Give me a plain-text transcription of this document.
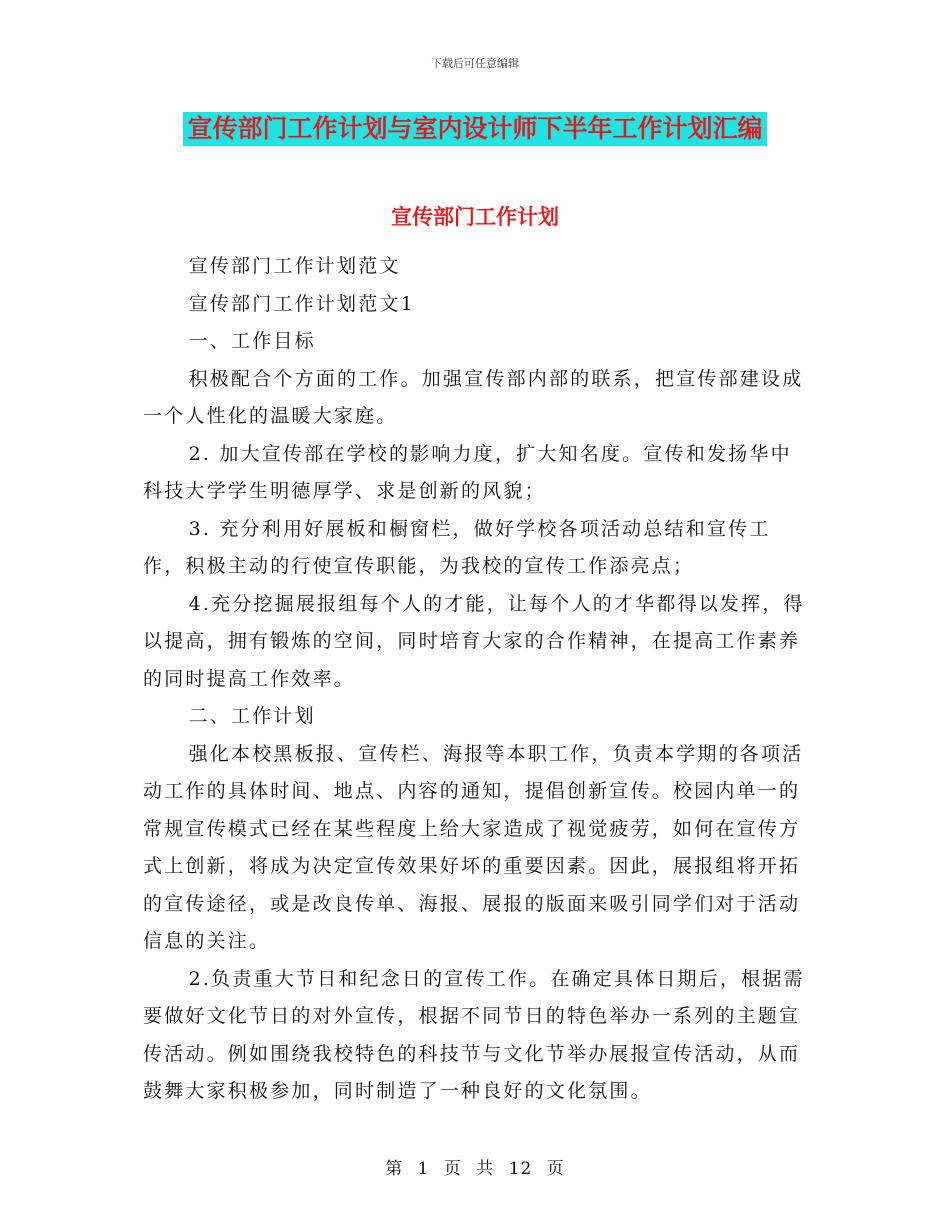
下载后可任意编辑
宣传部门工作计划与室内设计师下半年工作计划汇编
宣传部门工作计划

宣传部门工作计划范文

宣传部门工作计划范文1

一、工作目标

积极配合个方面的工作。加强宣传部内部的联系，把宣传部建设成一个人性化的温暖大家庭。

2. 加大宣传部在学校的影响力度，扩大知名度。宣传和发扬华中科技大学学生明德厚学、求是创新的风貌；

3. 充分利用好展板和橱窗栏，做好学校各项活动总结和宣传工作，积极主动的行使宣传职能，为我校的宣传工作添亮点；

4.充分挖掘展报组每个人的才能，让每个人的才华都得以发挥，得以提高，拥有锻炼的空间，同时培育大家的合作精神，在提高工作素养的同时提高工作效率。

二、工作计划

强化本校黑板报、宣传栏、海报等本职工作，负责本学期的各项活动工作的具体时间、地点、内容的通知，提倡创新宣传。校园内单一的常规宣传模式已经在某些程度上给大家造成了视觉疲劳，如何在宣传方式上创新，将成为决定宣传效果好坏的重要因素。因此，展报组将开拓的宣传途径，或是改良传单、海报、展报的版面来吸引同学们对于活动信息的关注。

2.负责重大节日和纪念日的宣传工作。在确定具体日期后，根据需要做好文化节日的对外宣传，根据不同节日的特色举办一系列的主题宣传活动。例如围绕我校特色的科技节与文化节举办展报宣传活动，从而鼓舞大家积极参加，同时制造了一种良好的文化氛围。

第 1 页 共 12 页
